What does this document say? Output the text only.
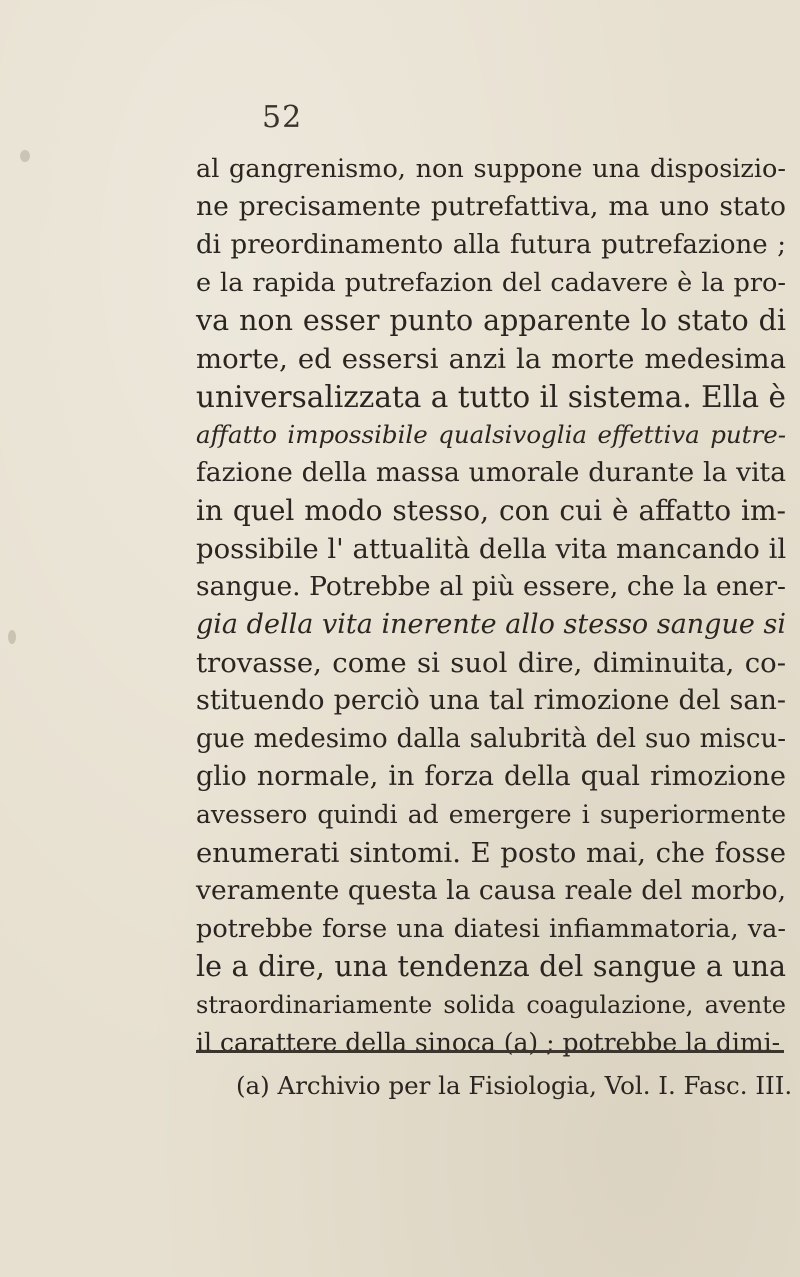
52
al gangrenismo, non suppone una disposizio-
ne precisamente putrefattiva, ma uno stato
di preordinamento alla futura putrefazione ;
e la rapida putrefazion del cadavere è la pro-
va non esser punto apparente lo stato di
morte, ed essersi anzi la morte medesima
universalizzata a tutto il sistema. Ella è
affatto impossibile qualsivoglia effettiva putre-
fazione della massa umorale durante la vita
in quel modo stesso, con cui è affatto im-
possibile l' attualità della vita mancando il
sangue. Potrebbe al più essere, che la ener-
gia della vita inerente allo stesso sangue si
trovasse, come si suol dire, diminuita, co-
stituendo perciò una tal rimozione del san-
gue medesimo dalla salubrità del suo miscu-
glio normale, in forza della qual rimozione
avessero quindi ad emergere i superiormente
enumerati sintomi. E posto mai, che fosse
veramente questa la causa reale del morbo,
potrebbe forse una diatesi infiammatoria, va-
le a dire, una tendenza del sangue a una
straordinariamente solida coagulazione, avente
il carattere della sinoca (a) ; potrebbe la dimi-
(a) Archivio per la Fisiologia, Vol. I. Fasc. III.
